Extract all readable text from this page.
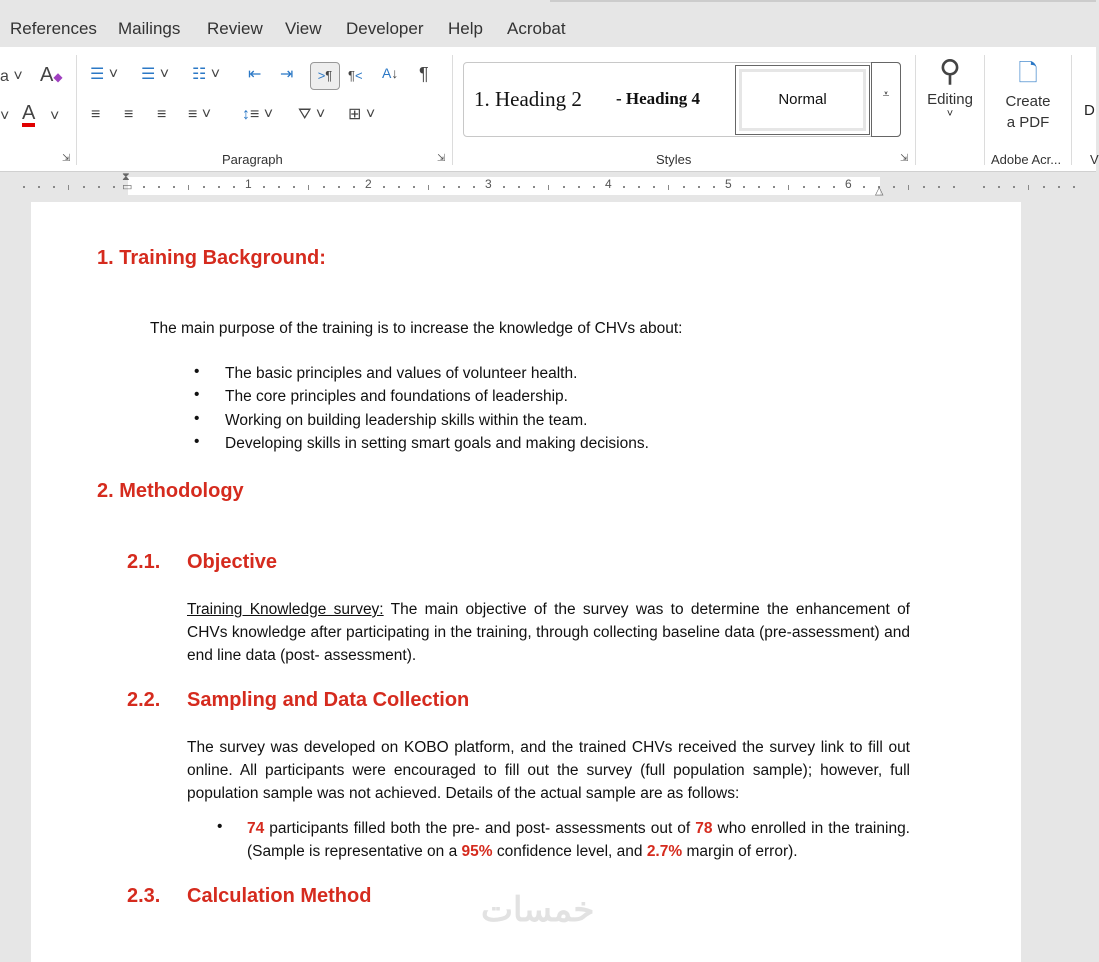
References Mailings Review View Developer Help Acrobat
a ˅ A◆
˅ A ˅
⇲
☰ ˅ ☰ ˅ ☷ ˅ ⇤ ⇥	>¶	¶< A↓ ¶
≡ ≡ ≡ ≡ ˅ ↕≡ ˅ ⛛ ˅ ⊞ ˅
Paragraph	⇲
1. Heading 2 - Heading 4	Normal	⩡
Styles	⇲
⚲
Editing
˅
🗋
Create
a PDF
Adobe Acr...
D
V
1	2	3	4	5	6
⧗
▭	△
1. Training Background:
The main purpose of the training is to increase the knowledge of CHVs about:
• The basic principles and values of volunteer health.
• The core principles and foundations of leadership.
• Working on building leadership skills within the team.
• Developing skills in setting smart goals and making decisions.
2. Methodology
2.1. Objective
Training Knowledge survey: The main objective of the survey was to determine the enhancement of CHVs knowledge after participating in the training, through collecting baseline data (pre-assessment) and end line data (post- assessment).
2.2. Sampling and Data Collection
The survey was developed on KOBO platform, and the trained CHVs received the survey link to fill out online. All participants were encouraged to fill out the survey (full population sample); however, full population sample was not achieved. Details of the actual sample are as follows:
• 74 participants filled both the pre- and post- assessments out of 78 who enrolled in the training. (Sample is representative on a 95% confidence level, and 2.7% margin of error).
2.3. Calculation Method	خمسات
